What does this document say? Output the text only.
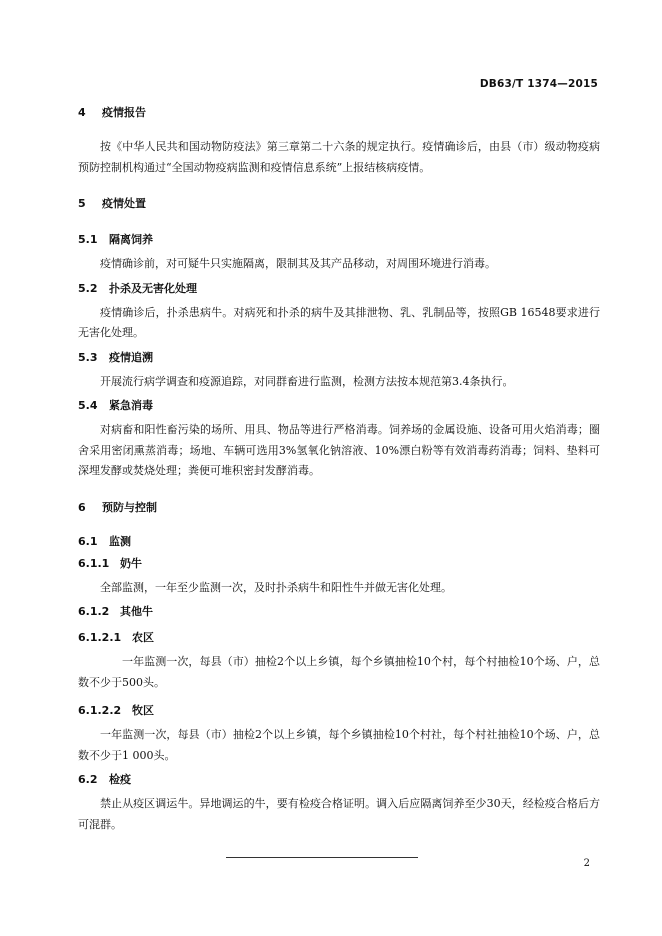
DB63/T 1374—2015
4 疫情报告
按《中华人民共和国动物防疫法》第三章第二十六条的规定执行。疫情确诊后，由县（市）级动物疫病预防控制机构通过“全国动物疫病监测和疫情信息系统”上报结核病疫情。
5 疫情处置
5.1 隔离饲养
疫情确诊前，对可疑牛只实施隔离，限制其及其产品移动，对周围环境进行消毒。
5.2 扑杀及无害化处理
疫情确诊后，扑杀患病牛。对病死和扑杀的病牛及其排泄物、乳、乳制品等，按照GB 16548要求进行无害化处理。
5.3 疫情追溯
开展流行病学调查和疫源追踪，对同群畜进行监测，检测方法按本规范第3.4条执行。
5.4 紧急消毒
对病畜和阳性畜污染的场所、用具、物品等进行严格消毒。饲养场的金属设施、设备可用火焰消毒；圈舍采用密闭熏蒸消毒；场地、车辆可选用3%氢氧化钠溶液、10%漂白粉等有效消毒药消毒；饲料、垫料可深埋发酵或焚烧处理；粪便可堆积密封发酵消毒。
6 预防与控制
6.1 监测
6.1.1 奶牛
全部监测，一年至少监测一次，及时扑杀病牛和阳性牛并做无害化处理。
6.1.2 其他牛
6.1.2.1 农区
一年监测一次，每县（市）抽检2个以上乡镇，每个乡镇抽检10个村，每个村抽检10个场、户，总数不少于500头。
6.1.2.2 牧区
一年监测一次，每县（市）抽检2个以上乡镇，每个乡镇抽检10个村社，每个村社抽检10个场、户，总数不少于1 000头。
6.2 检疫
禁止从疫区调运牛。异地调运的牛，要有检疫合格证明。调入后应隔离饲养至少30天，经检疫合格后方可混群。
2
